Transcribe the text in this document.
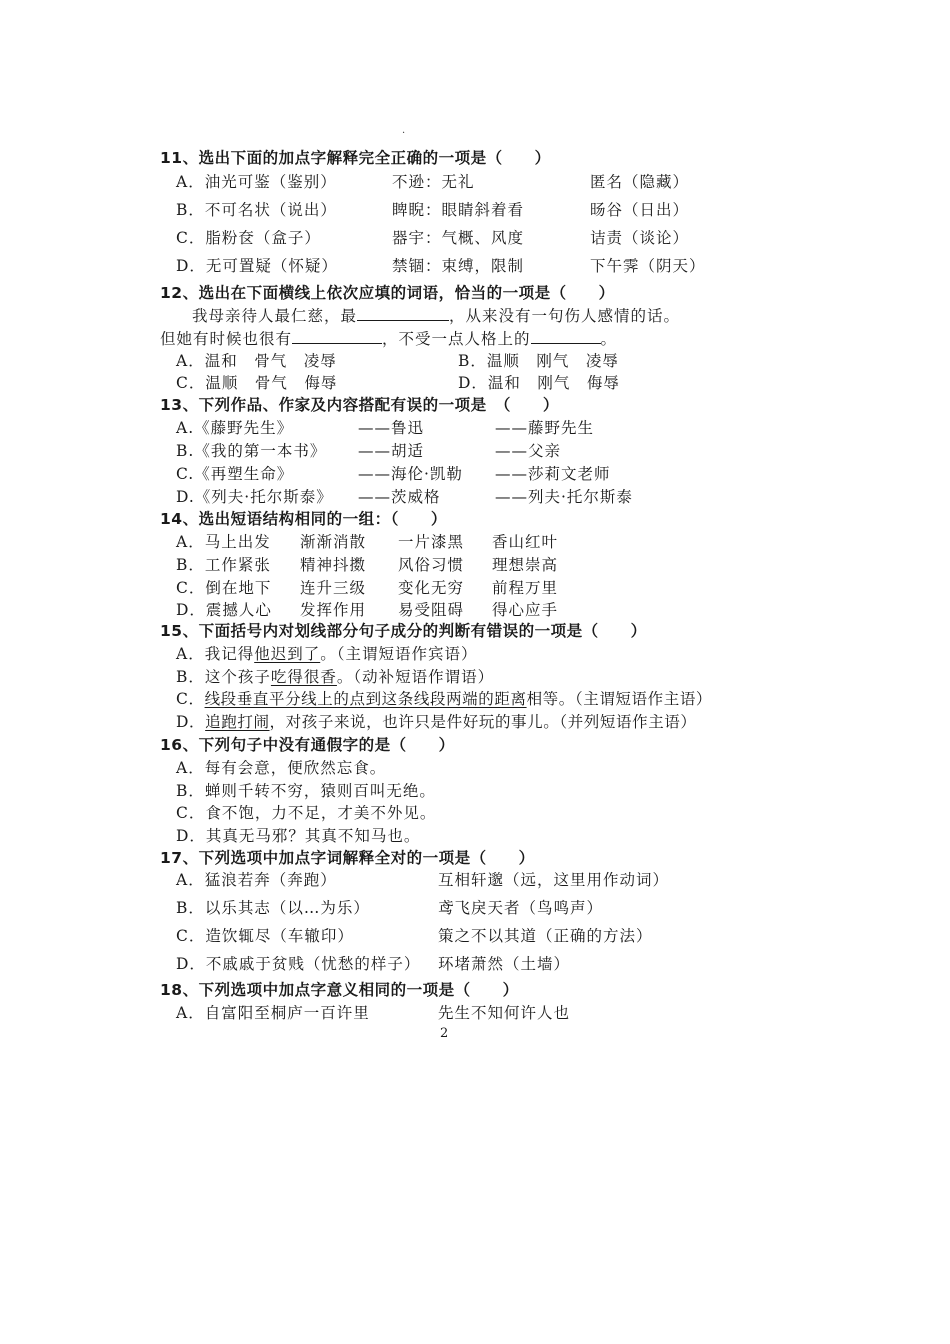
·
11、选出下面的加点字解释完全正确的一项是（　　）
A．油光可鉴（鉴别）	不逊：无礼	匿名（隐藏）
B．不可名状（说出）	睥睨：眼睛斜着看	旸谷（日出）
C．脂粉奁（盒子）	器宇：气概、风度	诘责（谈论）
D．无可置疑（怀疑）	禁锢：束缚，限制	下午霁（阴天）
12、选出在下面横线上依次应填的词语，恰当的一项是（　　）
我母亲待人最仁慈，最	，从来没有一句伤人感情的话。
但她有时候也很有	，不受一点人格上的	。
A．温和　骨气　凌辱	B．温顺　刚气　凌辱
C．温顺　骨气　侮辱	D．温和　刚气　侮辱
13、下列作品、作家及内容搭配有误的一项是　（　　）
A.《藤野先生》	——鲁迅	——藤野先生
B.《我的第一本书》 ——胡适	——父亲
C.《再塑生命》	——海伦·凯勒 ——莎莉文老师
D.《列夫·托尔斯泰》 ——茨威格	——列夫·托尔斯泰
14、选出短语结构相同的一组：（　　）
A．马上出发 渐渐消散 一片漆黑 香山红叶
B．工作紧张 精神抖擞 风俗习惯 理想崇高
C．倒在地下 连升三级 变化无穷 前程万里
D．震撼人心 发挥作用 易受阻碍 得心应手
15、下面括号内对划线部分句子成分的判断有错误的一项是（　　）
A．我记得他迟到了。（主谓短语作宾语）
B．这个孩子吃得很香。（动补短语作谓语）
C．线段垂直平分线上的点到这条线段两端的距离相等。（主谓短语作主语）
D．追跑打闹，对孩子来说，也许只是件好玩的事儿。（并列短语作主语）
16、下列句子中没有通假字的是（　　）
A．每有会意，便欣然忘食。
B．蝉则千转不穷，猿则百叫无绝。
C．食不饱，力不足，才美不外见。
D．其真无马邪？其真不知马也。
17、下列选项中加点字词解释全对的一项是（　　）
A．猛浪若奔（奔跑）	互相轩邈（远，这里用作动词）
B．以乐其志（以…为乐）	鸢飞戾天者（鸟鸣声）
C．造饮辄尽（车辙印）	策之不以其道（正确的方法）
D．不戚戚于贫贱（忧愁的样子） 环堵萧然（土墙）
18、下列选项中加点字意义相同的一项是（　　）
A．自富阳至桐庐一百许里	先生不知何许人也
2
